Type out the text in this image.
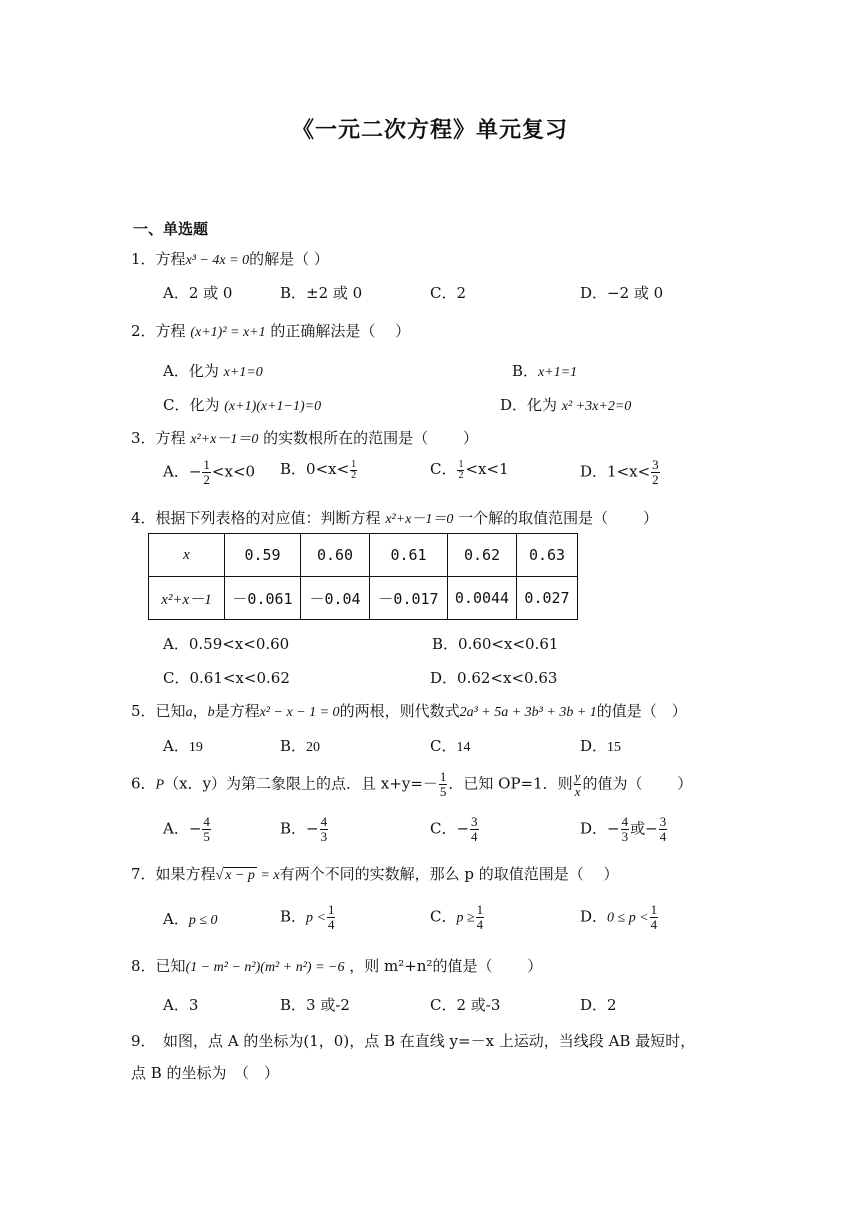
《一元二次方程》单元复习
一、单选题
1．方程x³ − 4x = 0的解是（ ）
A．2 或 0	B．±2 或 0	C．2	D．−2 或 0
2．方程 (x+1)² = x+1 的正确解法是（　 ）
A．化为 x+1=0	B．x+1=1
C．化为 (x+1)(x+1−1)=0	D．化为 x² +3x+2=0
3．方程 x²+x－1＝0 的实数根所在的范围是（　　 ）
A．− $\frac{1}{2} <x<0$ B．$0<x< \frac{1}{2}$	C． $\frac{1}{2} <x<1$	D．$1<x< \frac{3}{2}$
4．根据下列表格的对应值：判断方程 x²+x－1＝0 一个解的取值范围是（　　 ）
x	0.59	0.60	0.61	0.62	0.63
x²+x－1	－0.061	－0.04	－0.017	0.0044	0.027
A．0.59<x<0.60	B．0.60<x<0.61
C．0.61<x<0.62	D．0.62<x<0.63
5．已知a，b是方程x² − x − 1 = 0的两根，则代数式2a³ + 5a + 3b³ + 3b + 1的值是（　）
A．19	B．20	C．14	D．15
6．P（x．y）为第二象限上的点．且 $x+y=- \frac{1}{5}$ ．已知 OP=1．则 $\frac{y}{x}$ 的值为（　　 ）
A．− $\frac{4}{5}$	B．− $\frac{4}{3}$	C．− $\frac{3}{4}$	D．− $\frac{4}{3}$ 或− $\frac{3}{4}$
7．如果方程√ x − p = x有两个不同的实数解，那么 p 的取值范围是（　 ）
A．p ≤ 0	B．$p < \frac{1}{4}$	C．$p \ge \frac{1}{4}$	D．$0 \le p < \frac{1}{4}$
8．已知(1 − m² − n²)(m² + n²) = −6 ，则 m²+n²的值是（　　 ）
A．3	B．3 或-2	C．2 或-3	D．2
9．　如图，点 A 的坐标为(1，0)，点 B 在直线 y=－x 上运动，当线段 AB 最短时，
点 B 的坐标为　（　）
